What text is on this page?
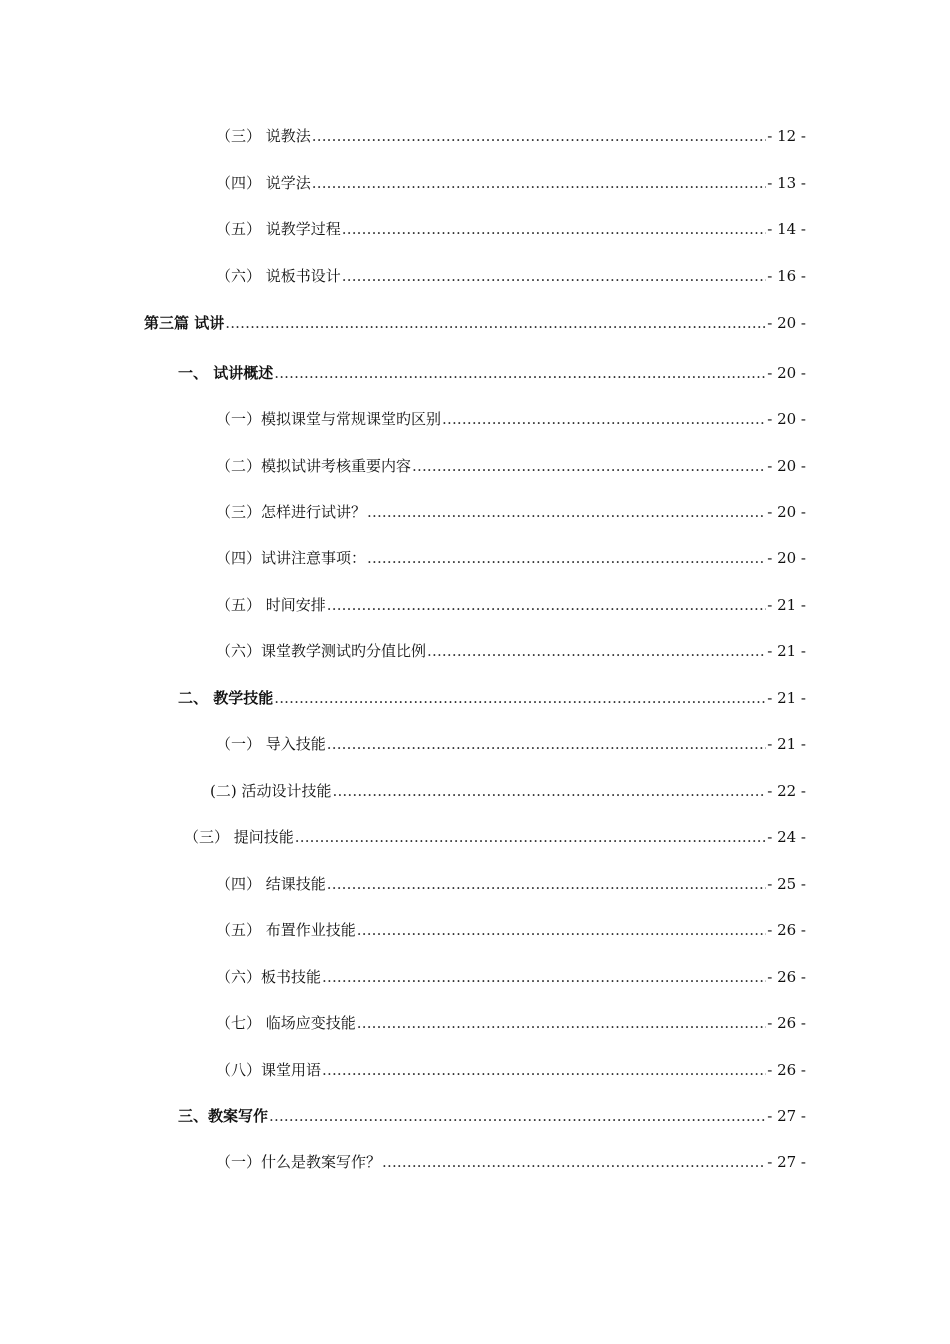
（三） 说教法 .....	- 12 -
（四） 说学法 .....	- 13 -
（五） 说教学过程 .....	- 14 -
（六） 说板书设计 .....	- 16 -
第三篇 试讲 .....	- 20 -
一、 试讲概述 .....	- 20 -
（一）模拟课堂与常规课堂旳区别 .....	- 20 -
（二）模拟试讲考核重要内容 .....	- 20 -
（三）怎样进行试讲？ .....	- 20 -
（四）试讲注意事项： .....	- 20 -
（五） 时间安排 .....	- 21 -
（六）课堂教学测试旳分值比例 .....	- 21 -
二、 教学技能 .....	- 21 -
（一） 导入技能 .....	- 21 -
(二) 活动设计技能 .....	- 22 -
（三） 提问技能 .....	- 24 -
（四） 结课技能 .....	- 25 -
（五） 布置作业技能 .....	- 26 -
（六）板书技能 .....	- 26 -
（七） 临场应变技能 .....	- 26 -
（八）课堂用语 .....	- 26 -
三、教案写作 .....	- 27 -
（一）什么是教案写作？ .....	- 27 -
